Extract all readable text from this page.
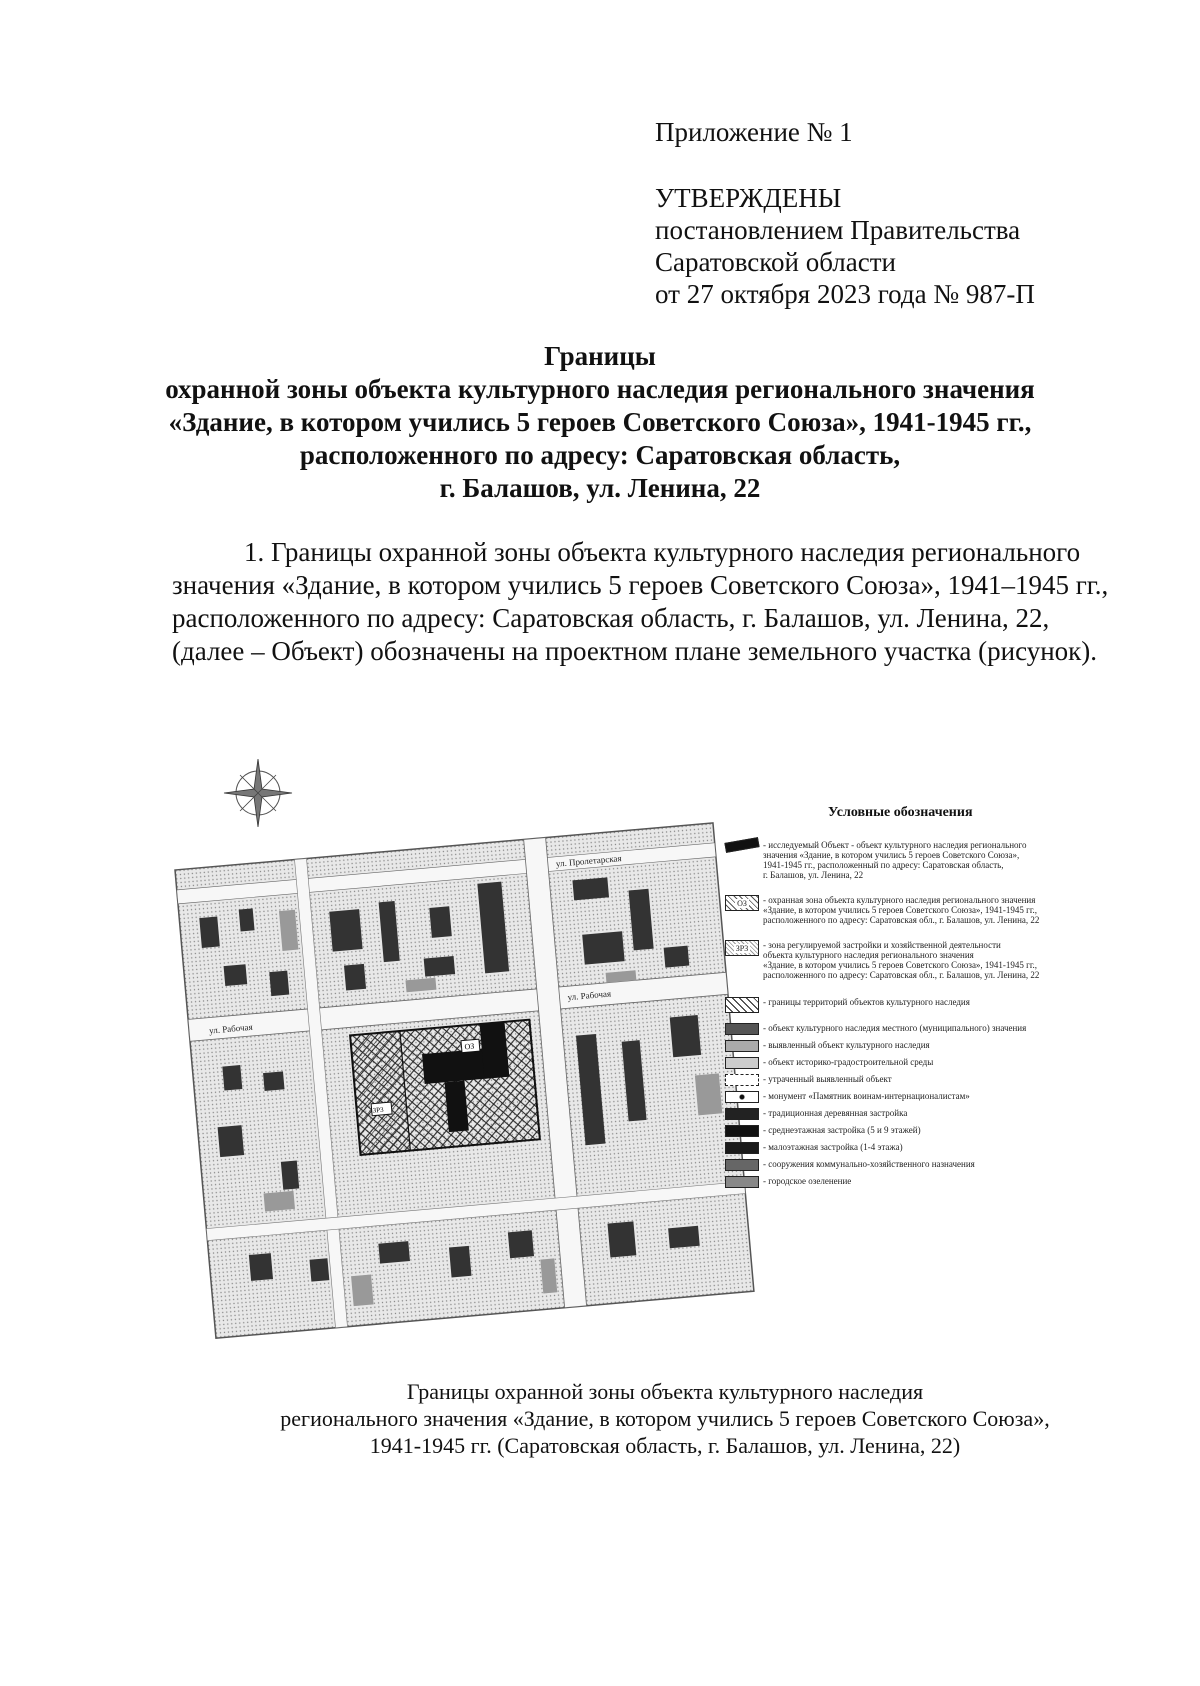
Приложение № 1
УТВЕРЖДЕНЫ
постановлением Правительства
Саратовской области
от 27 октября 2023 года № 987-П
Границы
охранной зоны объекта культурного наследия регионального значения
«Здание, в котором учились 5 героев Советского Союза», 1941-1945 гг.,
расположенного по адресу: Саратовская область,
г. Балашов, ул. Ленина, 22
1. Границы охранной зоны объекта культурного наследия регионального
значения «Здание, в котором учились 5 героев Советского Союза», 1941–1945 гг.,
расположенного по адресу: Саратовская область, г. Балашов, ул. Ленина, 22,
(далее – Объект) обозначены на проектном плане земельного участка (рисунок).
ОЗ
ЗР3
ул. Пролетарская
ул. Рабочая
ул. Рабочая
Условные обозначения
- исследуемый Объект - объект культурного наследия регионального
значения «Здание, в котором учились 5 героев Советского Союза»,
1941-1945 гг., расположенный по адресу: Саратовская область,
г. Балашов, ул. Ленина, 22
ОЗ	- охранная зона объекта культурного наследия регионального значения
«Здание, в котором учились 5 героев Советского Союза», 1941-1945 гг.,
расположенного по адресу: Саратовская обл., г. Балашов, ул. Ленина, 22
ЗР3	- зона регулируемой застройки и хозяйственной деятельности
объекта культурного наследия регионального значения
«Здание, в котором учились 5 героев Советского Союза», 1941-1945 гг.,
расположенного по адресу: Саратовская обл., г. Балашов, ул. Ленина, 22
- границы территорий объектов культурного наследия
- объект культурного наследия местного (муниципального) значения
- выявленный объект культурного наследия
- объект историко-градостроительной среды
- утраченный выявленный объект
- монумент «Памятник воинам-интернационалистам»
- традиционная деревянная застройка
- среднеэтажная застройка (5 и 9 этажей)
- малоэтажная застройка (1-4 этажа)
- сооружения коммунально-хозяйственного назначения
- городское озеленение
Границы охранной зоны объекта культурного наследия
регионального значения «Здание, в котором учились 5 героев Советского Союза»,
1941-1945 гг. (Саратовская область, г. Балашов, ул. Ленина, 22)
